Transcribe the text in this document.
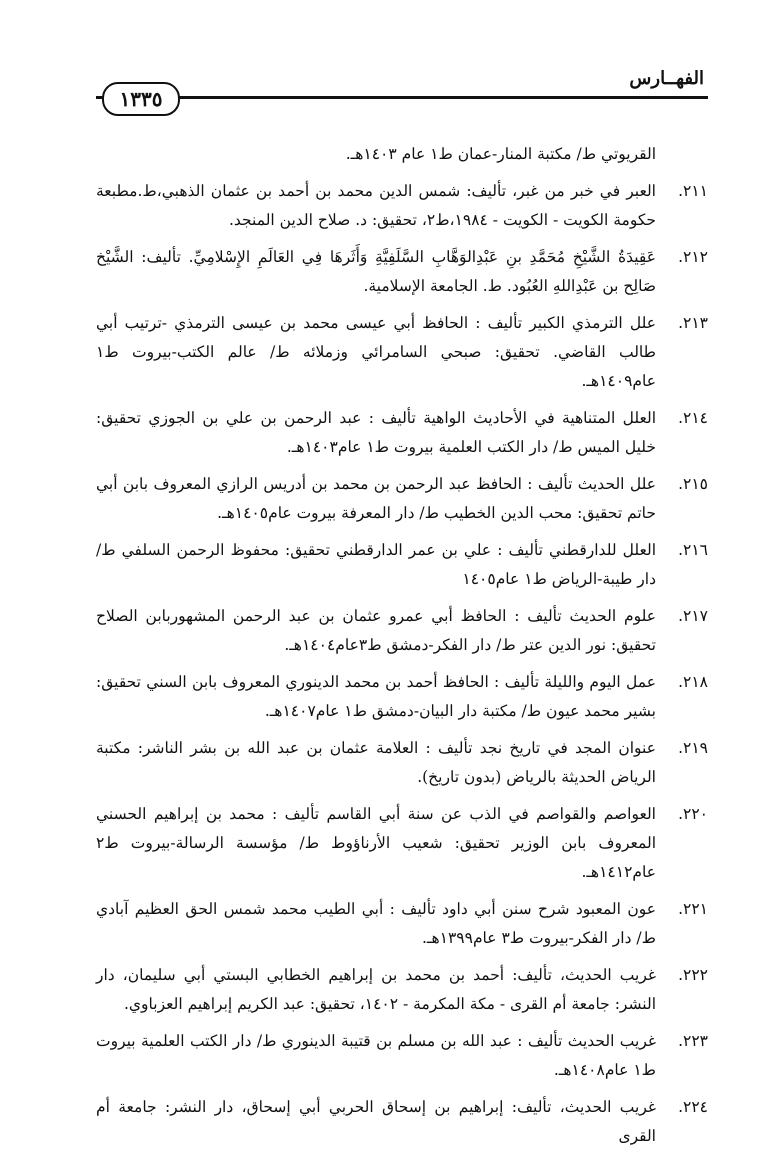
١٣٣٥
الفهــارس
القريوتي ط/ مكتبة المنار-عمان ط١ عام ١٤٠٣هـ.
٢١١.
العبر في خبر من غبر، تأليف: شمس الدين محمد بن أحمد بن عثمان الذهبي،ط.مطبعة حكومة الكويت - الكويت - ١٩٨٤،ط٢، تحقيق: د. صلاح الدين المنجد.
٢١٢.
عَقِيدَةُ الشَّيْخِ مُحَمَّدِ بنِ عَبْدِالوَهَّابِ السَّلَفِيَّةِ وَأَثَرهَا فِي العَالَمِ الإِسْلامِيِّ. تأليف: الشَّيْخ صَالِح بن عَبْدِاللهِ العُبُود. ط. الجامعة الإسلامية.
٢١٣.
علل الترمذي الكبير تأليف : الحافظ أبي عيسى محمد بن عيسى الترمذي -ترتيب أبي طالب القاضي. تحقيق: صبحي السامرائي وزملائه ط/ عالم الكتب-بيروت ط١ عام١٤٠٩هـ.
٢١٤.
العلل المتناهية في الأحاديث الواهية تأليف : عبد الرحمن بن علي بن الجوزي تحقيق: خليل الميس ط/ دار الكتب العلمية بيروت ط١ عام١٤٠٣هـ.
٢١٥.
علل الحديث تأليف : الحافظ عبد الرحمن بن محمد بن أدريس الرازي المعروف بابن أبي حاتم تحقيق: محب الدين الخطيب ط/ دار المعرفة بيروت عام١٤٠٥هـ.
٢١٦.
العلل للدارقطني تأليف : علي بن عمر الدارقطني تحقيق: محفوظ الرحمن السلفي ط/ دار طيبة-الرياض ط١ عام١٤٠٥
٢١٧.
علوم الحديث تأليف : الحافظ أبي عمرو عثمان بن عبد الرحمن المشهوربابن الصلاح تحقيق: نور الدين عتر ط/ دار الفكر-دمشق ط٣عام١٤٠٤هـ.
٢١٨.
عمل اليوم والليلة تأليف : الحافظ أحمد بن محمد الدينوري المعروف بابن السني تحقيق: بشير محمد عيون ط/ مكتبة دار البيان-دمشق ط١ عام١٤٠٧هـ.
٢١٩.
عنوان المجد في تاريخ نجد تأليف : العلامة عثمان بن عبد الله بن بشر الناشر: مكتبة الرياض الحديثة بالرياض (بدون تاريخ).
٢٢٠.
العواصم والقواصم في الذب عن سنة أبي القاسم تأليف : محمد بن إبراهيم الحسني المعروف بابن الوزير تحقيق: شعيب الأرناؤوط ط/ مؤسسة الرسالة-بيروت ط٢ عام١٤١٢هـ.
٢٢١.
عون المعبود شرح سنن أبي داود تأليف : أبي الطيب محمد شمس الحق العظيم آبادي ط/ دار الفكر-بيروت ط٣ عام١٣٩٩هـ.
٢٢٢.
غريب الحديث، تأليف: أحمد بن محمد بن إبراهيم الخطابي البستي أبي سليمان، دار النشر: جامعة أم القرى - مكة المكرمة - ١٤٠٢، تحقيق: عبد الكريم إبراهيم العزباوي.
٢٢٣.
غريب الحديث تأليف : عبد الله بن مسلم بن قتيبة الدينوري ط/ دار الكتب العلمية بيروت ط١ عام١٤٠٨هـ.
٢٢٤.
غريب الحديث، تأليف: إبراهيم بن إسحاق الحربي أبي إسحاق، دار النشر: جامعة أم القرى
